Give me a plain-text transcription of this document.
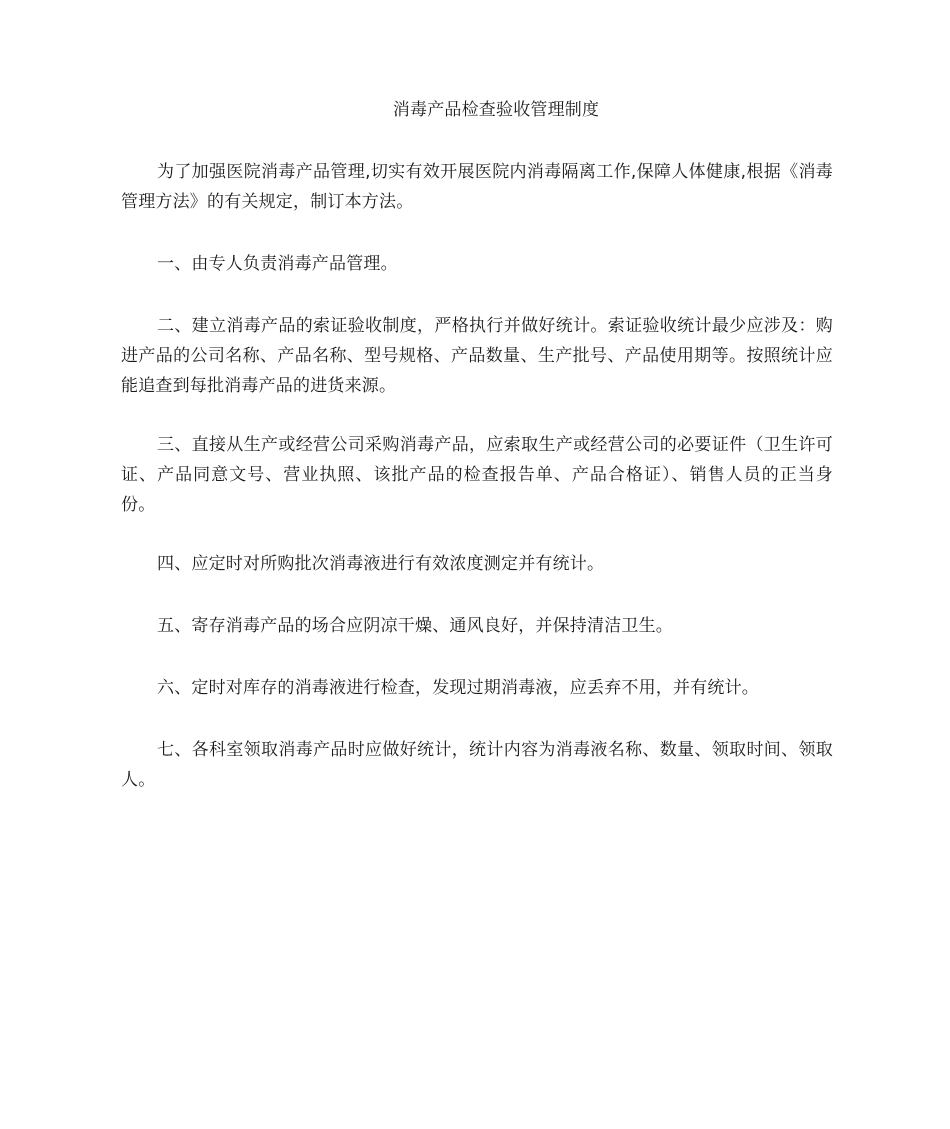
消毒产品检查验收管理制度

为了加强医院消毒产品管理,切实有效开展医院内消毒隔离工作,保障人体健康,根据《消毒管理方法》的有关规定，制订本方法。

一、由专人负责消毒产品管理。

二、建立消毒产品的索证验收制度，严格执行并做好统计。索证验收统计最少应涉及：购进产品的公司名称、产品名称、型号规格、产品数量、生产批号、产品使用期等。按照统计应能追查到每批消毒产品的进货来源。

三、直接从生产或经营公司采购消毒产品，应索取生产或经营公司的必要证件（卫生许可证、产品同意文号、营业执照、该批产品的检查报告单、产品合格证）、销售人员的正当身份。

四、应定时对所购批次消毒液进行有效浓度测定并有统计。

五、寄存消毒产品的场合应阴凉干燥、通风良好，并保持清洁卫生。

六、定时对库存的消毒液进行检查，发现过期消毒液，应丢弃不用，并有统计。

七、各科室领取消毒产品时应做好统计，统计内容为消毒液名称、数量、领取时间、领取人。
